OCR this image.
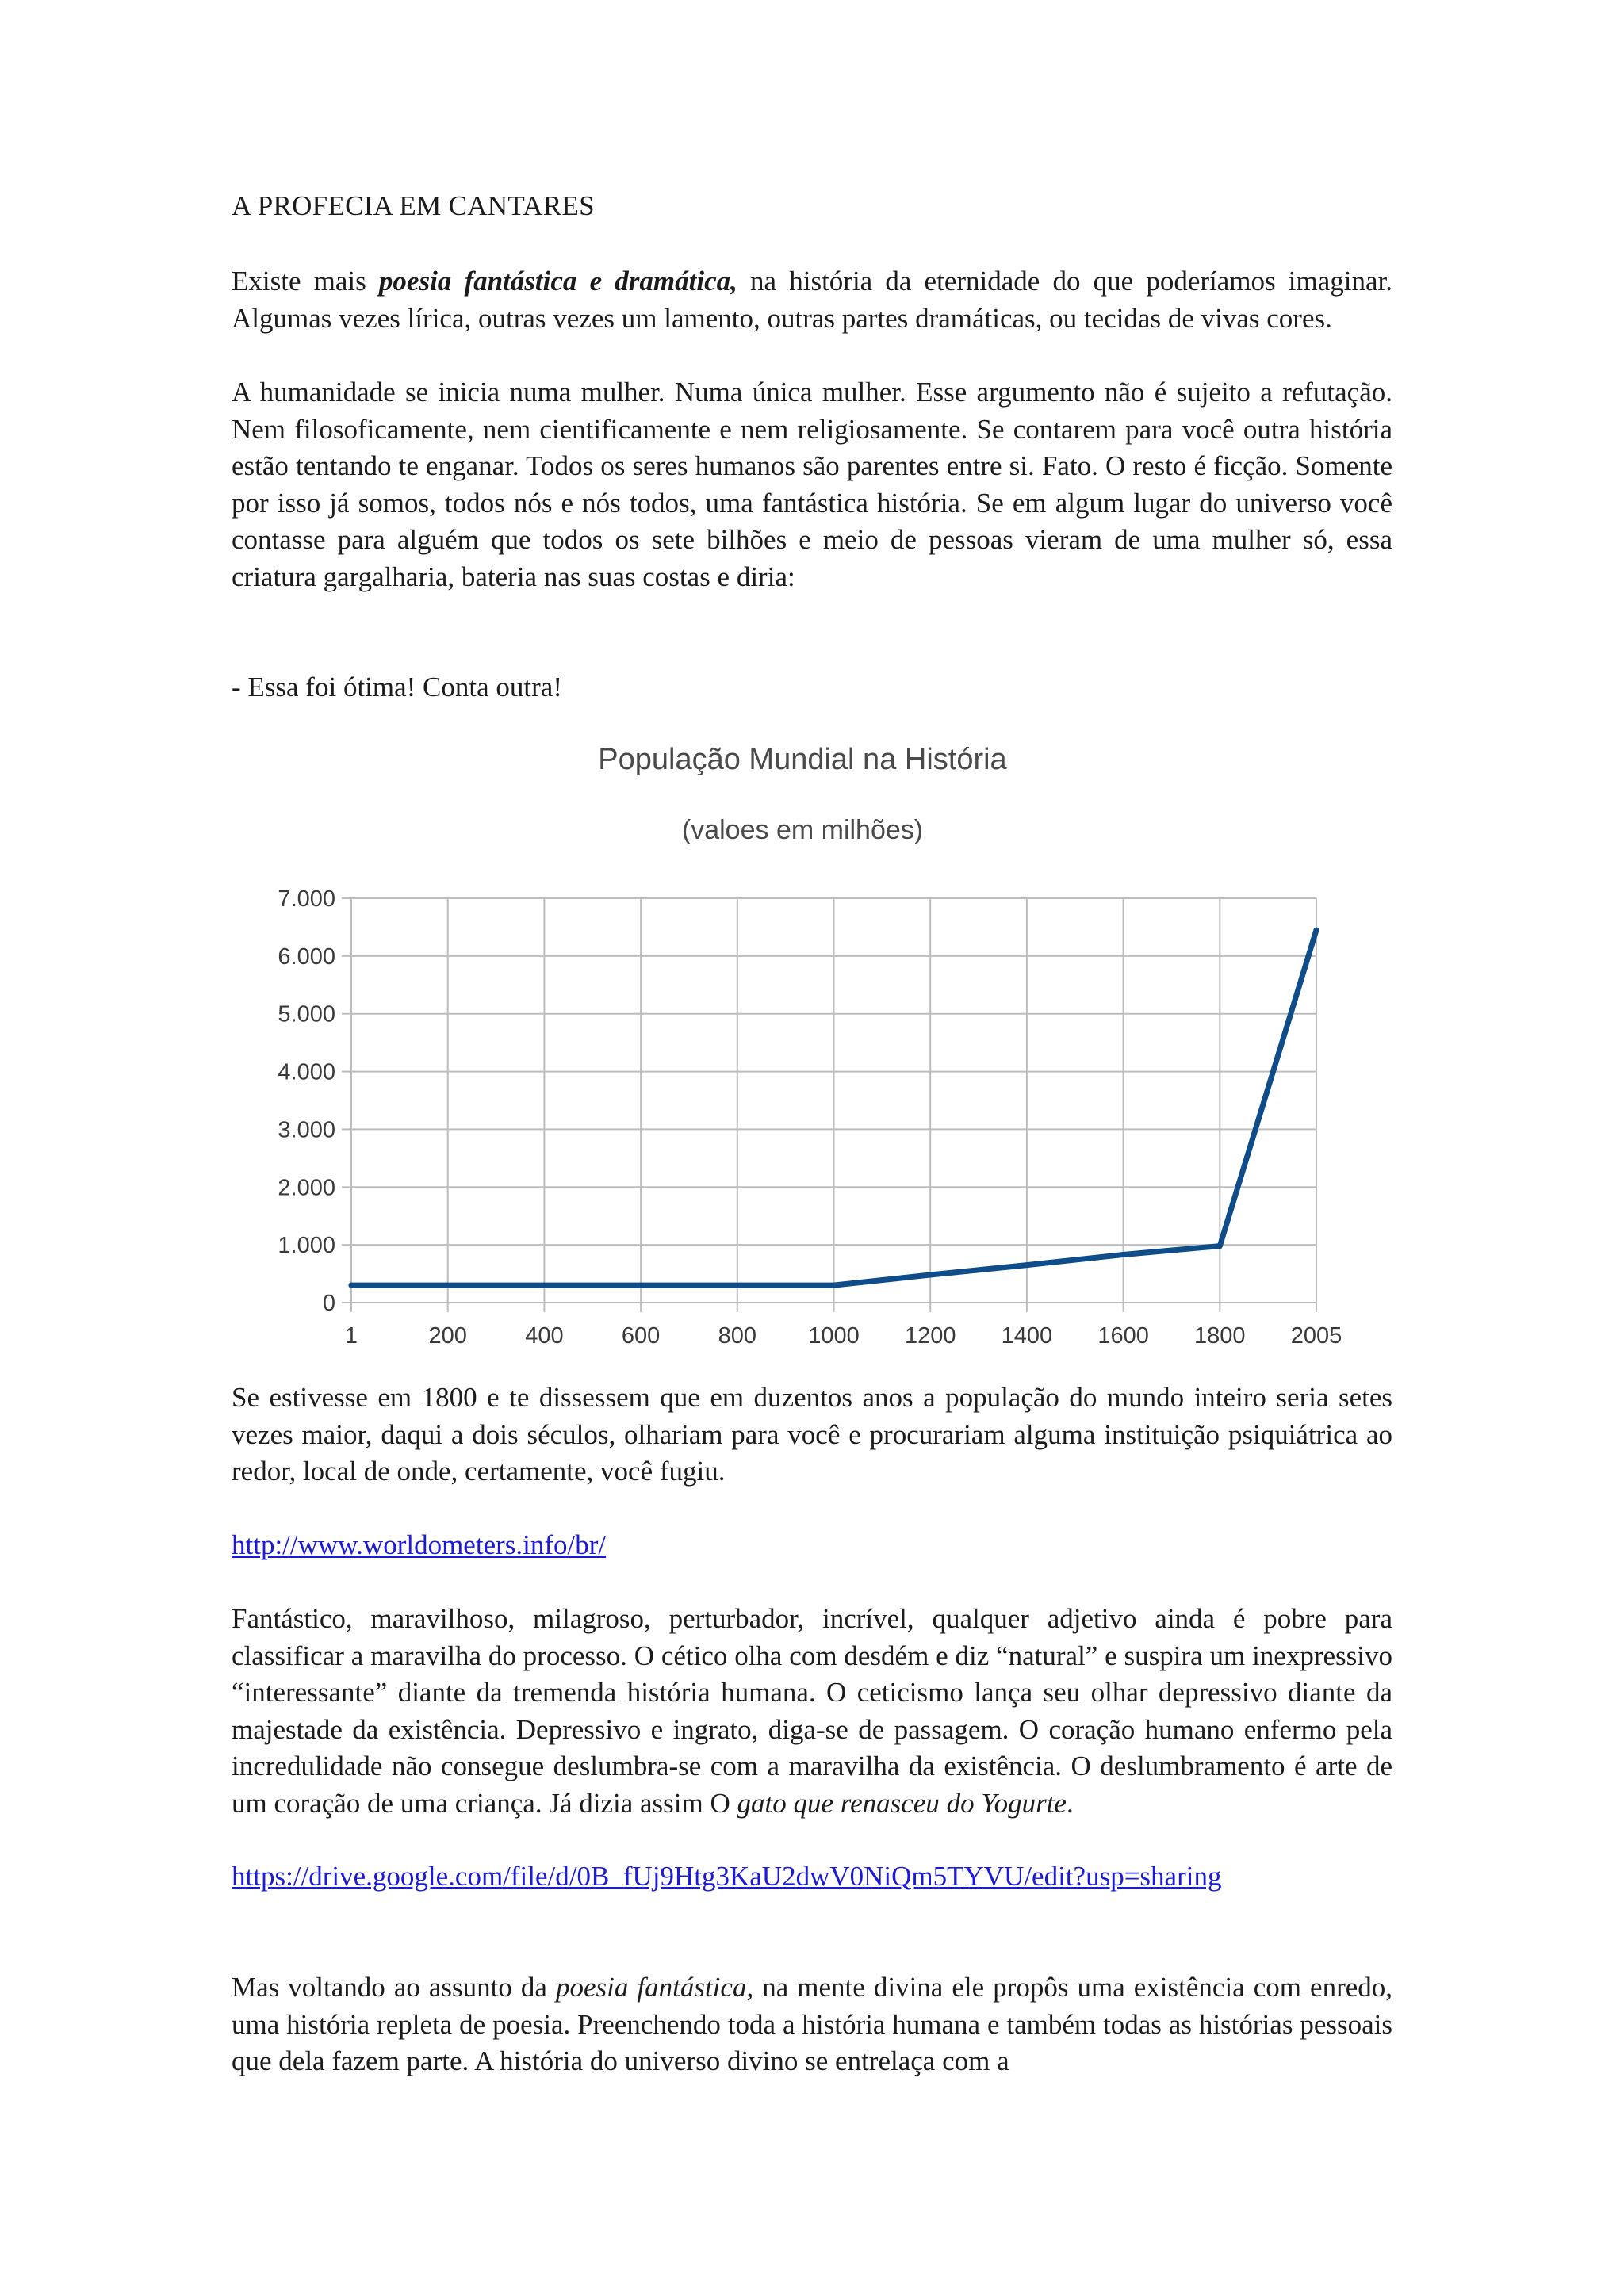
A PROFECIA EM CANTARES

Existe mais poesia fantástica e dramática, na história da eternidade do que poderíamos imaginar. Algumas vezes lírica, outras vezes um lamento, outras partes dramáticas, ou tecidas de vivas cores.

A humanidade se inicia numa mulher. Numa única mulher. Esse argumento não é sujeito a refutação. Nem filosoficamente, nem cientificamente e nem religiosamente. Se contarem para você outra história estão tentando te enganar. Todos os seres humanos são parentes entre si. Fato. O resto é ficção. Somente por isso já somos, todos nós e nós todos, uma fantástica história. Se em algum lugar do universo você contasse para alguém que todos os sete bilhões e meio de pessoas vieram de uma mulher só, essa criatura gargalharia, bateria nas suas costas e diria:

- Essa foi ótima! Conta outra!

Se estivesse em 1800 e te dissessem que em duzentos anos a população do mundo inteiro seria setes vezes maior, daqui a dois séculos, olhariam para você e procurariam alguma instituição psiquiátrica ao redor, local de onde, certamente, você fugiu.

http://www.worldometers.info/br/

Fantástico, maravilhoso, milagroso, perturbador, incrível, qualquer adjetivo ainda é pobre para classificar a maravilha do processo. O cético olha com desdém e diz “natural” e suspira um inexpressivo “interessante” diante da tremenda história humana. O ceticismo lança seu olhar depressivo diante da majestade da existência. Depressivo e ingrato, diga-se de passagem. O coração humano enfermo pela incredulidade não consegue deslumbra-se com a maravilha da existência. O deslumbramento é arte de um coração de uma criança. Já dizia assim O gato que renasceu do Yogurte.

https://drive.google.com/file/d/0B_fUj9Htg3KaU2dwV0NiQm5TYVU/edit?usp=sharing

Mas voltando ao assunto da poesia fantástica, na mente divina ele propôs uma existência com enredo, uma história repleta de poesia. Preenchendo toda a história humana e também todas as histórias pessoais que dela fazem parte. A história do universo divino se entrelaça com a

População Mundial na História
(valoes em milhões)
0
1.000
2.000
3.000
4.000
5.000
6.000
7.000
1	200	400	600	800 1000 1200 1400 1600 1800 2005
